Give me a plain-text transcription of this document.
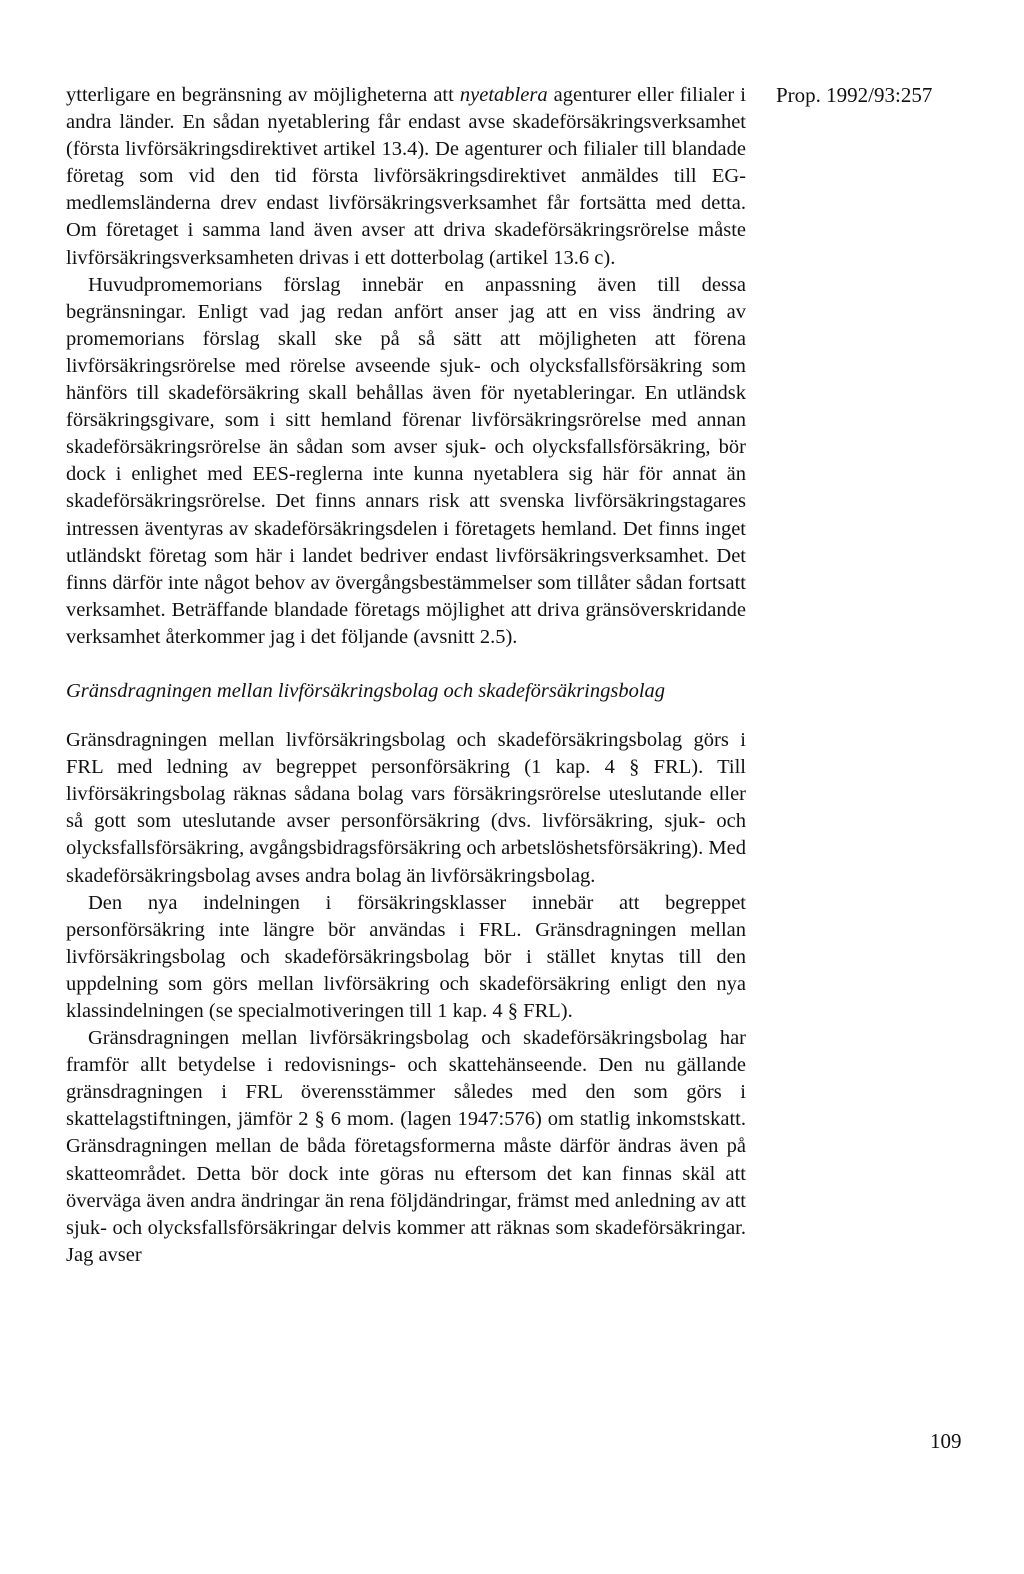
Prop. 1992/93:257

ytterligare en begränsning av möjligheterna att nyetablera agenturer eller filialer i andra länder. En sådan nyetablering får endast avse skadeförsäkringsverksamhet (första livförsäkringsdirektivet artikel 13.4). De agenturer och filialer till blandade företag som vid den tid första livförsäkringsdirektivet anmäldes till EG-medlemsländerna drev endast livförsäkringsverksamhet får fortsätta med detta. Om företaget i samma land även avser att driva skadeförsäkringsrörelse måste livförsäkringsverksamheten drivas i ett dotterbolag (artikel 13.6 c).

Huvudpromemorians förslag innebär en anpassning även till dessa begränsningar. Enligt vad jag redan anfört anser jag att en viss ändring av promemorians förslag skall ske på så sätt att möjligheten att förena livförsäkringsrörelse med rörelse avseende sjuk- och olycksfallsförsäkring som hänförs till skadeförsäkring skall behållas även för nyetableringar. En utländsk försäkringsgivare, som i sitt hemland förenar livförsäkringsrörelse med annan skadeförsäkringsrörelse än sådan som avser sjuk- och olycksfallsförsäkring, bör dock i enlighet med EES-reglerna inte kunna nyetablera sig här för annat än skadeförsäkringsrörelse. Det finns annars risk att svenska livförsäkringstagares intressen äventyras av skadeförsäkringsdelen i företagets hemland. Det finns inget utländskt företag som här i landet bedriver endast livförsäkringsverksamhet. Det finns därför inte något behov av övergångsbestämmelser som tillåter sådan fortsatt verksamhet. Beträffande blandade företags möjlighet att driva gränsöverskridande verksamhet återkommer jag i det följande (avsnitt 2.5).

Gränsdragningen mellan livförsäkringsbolag och skadeförsäkringsbolag

Gränsdragningen mellan livförsäkringsbolag och skadeförsäkringsbolag görs i FRL med ledning av begreppet personförsäkring (1 kap. 4 § FRL). Till livförsäkringsbolag räknas sådana bolag vars försäkringsrörelse uteslutande eller så gott som uteslutande avser personförsäkring (dvs. livförsäkring, sjuk- och olycksfallsförsäkring, avgångsbidragsförsäkring och arbetslöshetsförsäkring). Med skadeförsäkringsbolag avses andra bolag än livförsäkringsbolag.

Den nya indelningen i försäkringsklasser innebär att begreppet personförsäkring inte längre bör användas i FRL. Gränsdragningen mellan livförsäkringsbolag och skadeförsäkringsbolag bör i stället knytas till den uppdelning som görs mellan livförsäkring och skadeförsäkring enligt den nya klassindelningen (se specialmotiveringen till 1 kap. 4 § FRL).

Gränsdragningen mellan livförsäkringsbolag och skadeförsäkringsbolag har framför allt betydelse i redovisnings- och skattehänseende. Den nu gällande gränsdragningen i FRL överensstämmer således med den som görs i skattelagstiftningen, jämför 2 § 6 mom. (lagen 1947:576) om statlig inkomstskatt. Gränsdragningen mellan de båda företagsformerna måste därför ändras även på skatteområdet. Detta bör dock inte göras nu eftersom det kan finnas skäl att överväga även andra ändringar än rena följdändringar, främst med anledning av att sjuk- och olycksfallsförsäkringar delvis kommer att räknas som skadeförsäkringar. Jag avser

109
